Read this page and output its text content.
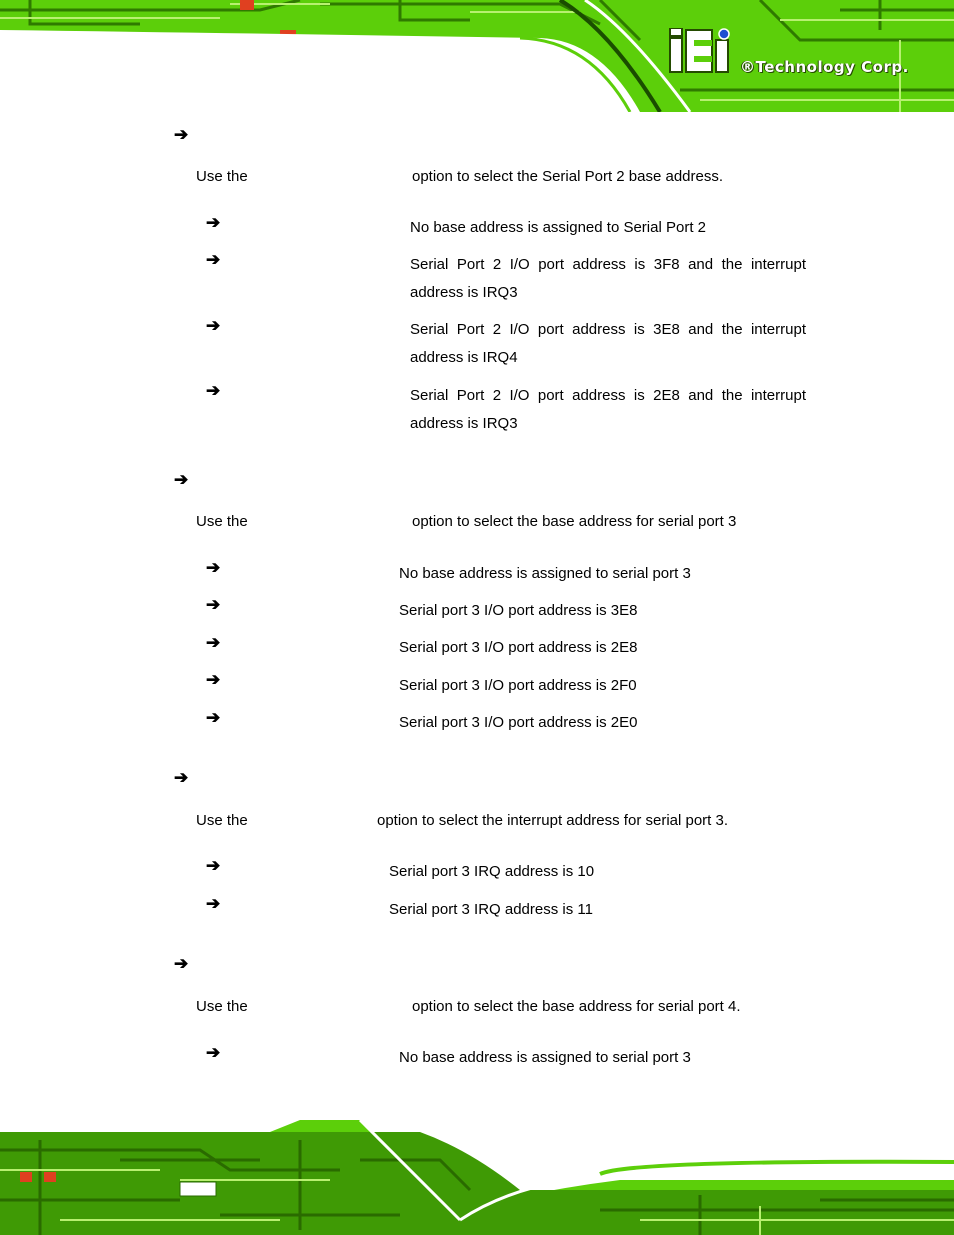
®Technology Corp.
➔
Use the	option to select the Serial Port 2 base address.
➔	No base address is assigned to Serial Port 2
➔	Serial Port 2 I/O port address is 3F8 and the interrupt address is IRQ3
➔	Serial Port 2 I/O port address is 3E8 and the interrupt address is IRQ4
➔	Serial Port 2 I/O port address is 2E8 and the interrupt address is IRQ3
➔
Use the	option to select the base address for serial port 3
➔	No base address is assigned to serial port 3
➔	Serial port 3 I/O port address is 3E8
➔	Serial port 3 I/O port address is 2E8
➔	Serial port 3 I/O port address is 2F0
➔	Serial port 3 I/O port address is 2E0
➔
Use the	option to select the interrupt address for serial port 3.
➔	Serial port 3 IRQ address is 10
➔	Serial port 3 IRQ address is 11
➔
Use the	option to select the base address for serial port 4.
➔	No base address is assigned to serial port 3
